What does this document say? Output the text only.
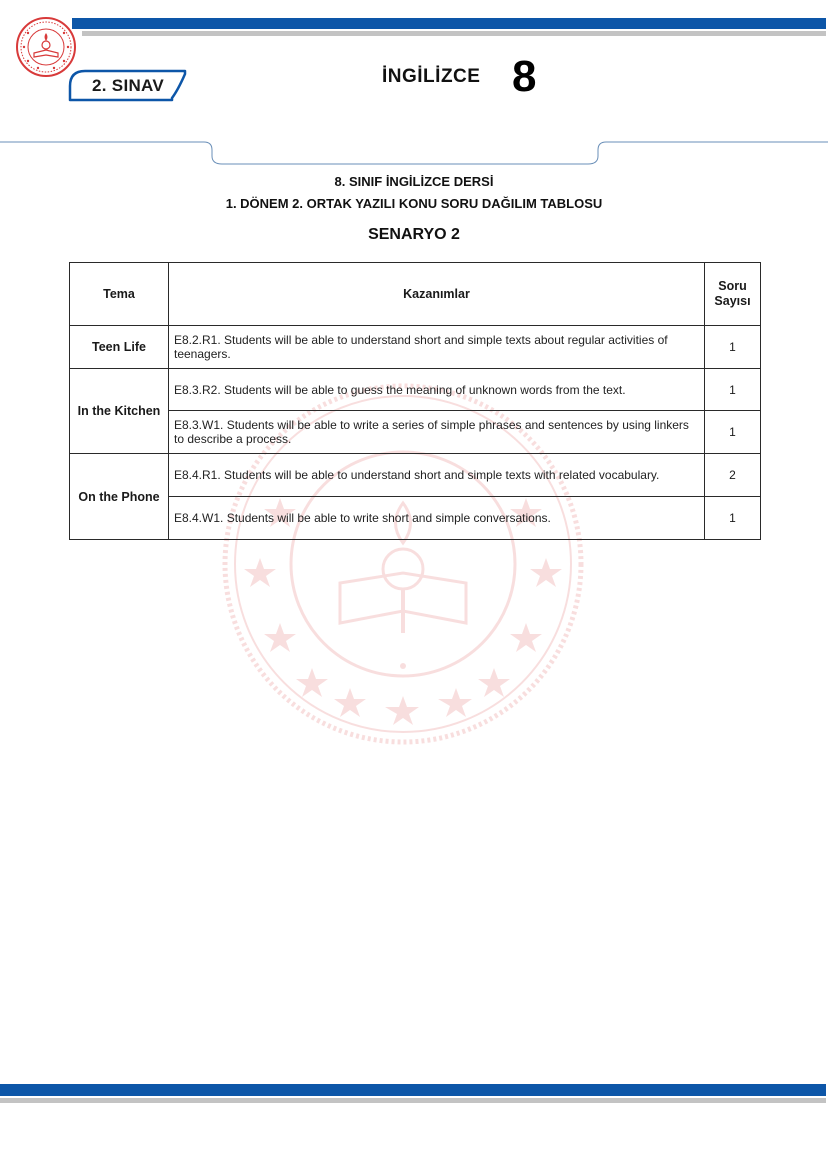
2. SINAV	İNGİLİZCE 8
8. SINIF İNGİLİZCE DERSİ
1. DÖNEM 2. ORTAK YAZILI KONU SORU DAĞILIM TABLOSU
SENARYO 2
Tema	Kazanımlar	Soru Sayısı
Teen Life	E8.2.R1. Students will be able to understand short and simple texts about regular activities of teenagers.	1
In the Kitchen	E8.3.R2. Students will be able to guess the meaning of unknown words from the text.	1
	E8.3.W1. Students will be able to write a series of simple phrases and sentences by using linkers to describe a process.	1
On the Phone	E8.4.R1. Students will be able to understand short and simple texts with related vocabulary.	2
	E8.4.W1. Students will be able to write short and simple conversations.	1
